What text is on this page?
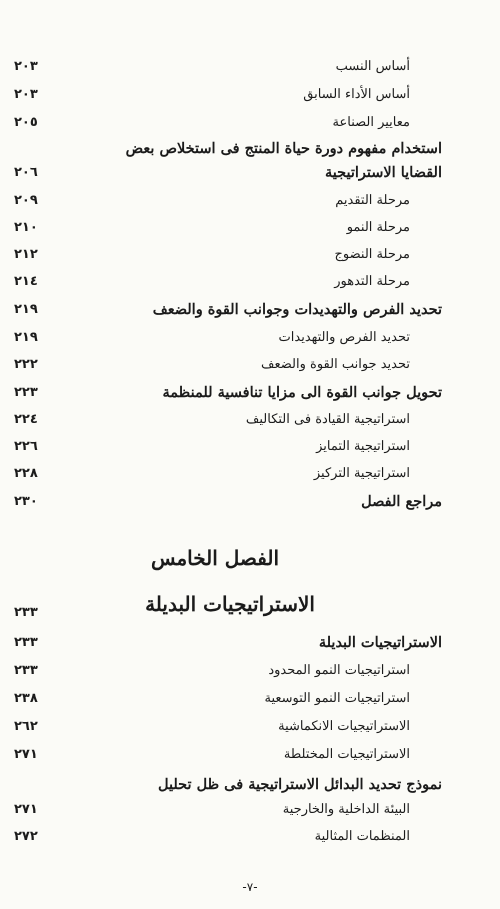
٢٠٣	أساس النسب
٢٠٣	أساس الأداء السابق
٢٠٥	معايير الصناعة
استخدام مفهوم دورة حياة المنتج فى استخلاص بعض
٢٠٦	القضايا الاستراتيجية
٢٠٩	مرحلة التقديم
٢١٠	مرحلة النمو
٢١٢	مرحلة النضوج
٢١٤	مرحلة التدهور
٢١٩	تحديد الفرص والتهديدات وجوانب القوة والضعف
٢١٩	تحديد الفرص والتهديدات
٢٢٢	تحديد جوانب القوة والضعف
٢٢٣	تحويل جوانب القوة الى مزايا تنافسية للمنظمة
٢٢٤	استراتيجية القيادة فى التكاليف
٢٢٦	استراتيجية التمايز
٢٢٨	استراتيجية التركيز
٢٣٠	مراجع الفصل
الفصل الخامس
٢٣٣	الاستراتيجيات البديلة
٢٣٣	الاستراتيجيات البديلة
٢٣٣	استراتيجيات النمو المحدود
٢٣٨	استراتيجيات النمو التوسعية
٢٦٢	الاستراتيجيات الانكماشية
٢٧١	الاستراتيجيات المختلطة
نموذج تحديد البدائل الاستراتيجية فى ظل تحليل
٢٧١	البيئة الداخلية والخارجية
٢٧٢	المنظمات المثالية
-٧-
